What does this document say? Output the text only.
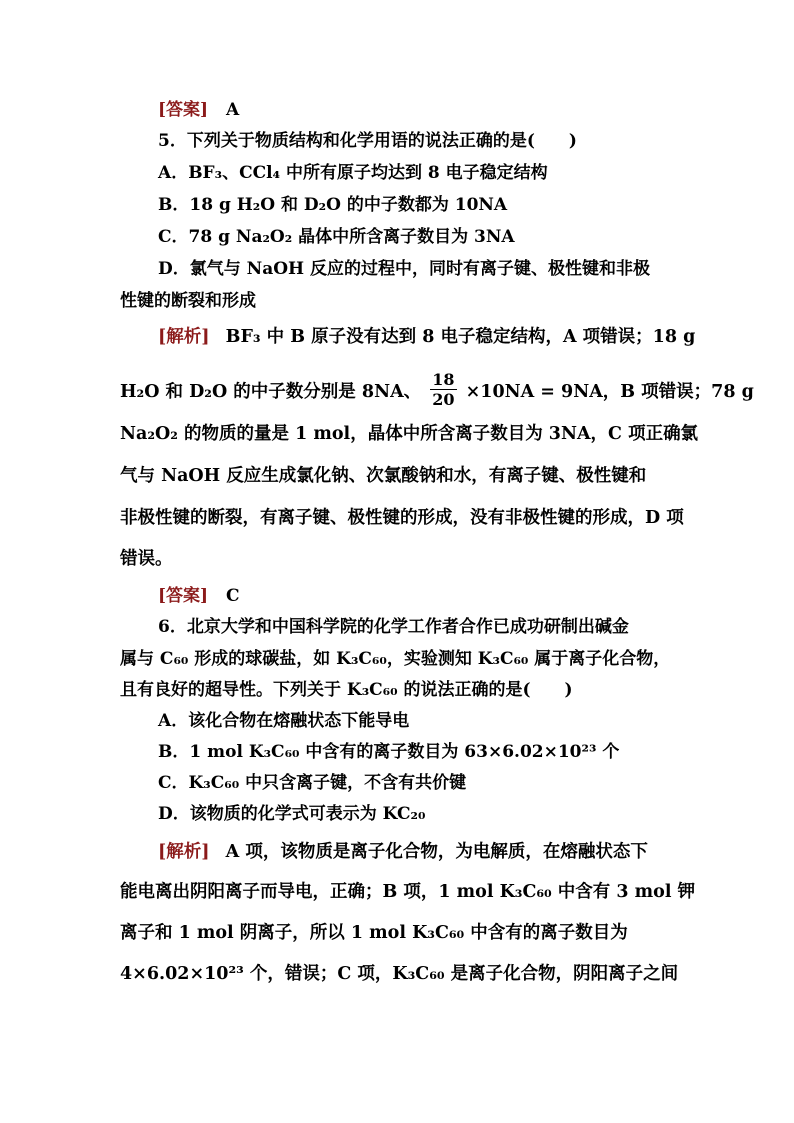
[答案] A
5．下列关于物质结构和化学用语的说法正确的是(　　)
A．BF₃、CCl₄ 中所有原子均达到 8 电子稳定结构
B．18 g H₂O 和 D₂O 的中子数都为 10NA
C．78 g Na₂O₂ 晶体中所含离子数目为 3NA
D．氯气与 NaOH 反应的过程中，同时有离子键、极性键和非极
性键的断裂和形成
[解析] BF₃ 中 B 原子没有达到 8 电子稳定结构，A 项错误；18 g
H₂O 和 D₂O 的中子数分别是 8NA、 $\frac{18}{20} \times 10NA = 9NA$，B 项错误；78 g
Na₂O₂ 的物质的量是 1 mol，晶体中所含离子数目为 3NA，C 项正确氯
气与 NaOH 反应生成氯化钠、次氯酸钠和水，有离子键、极性键和
非极性键的断裂，有离子键、极性键的形成，没有非极性键的形成，D 项
错误。
[答案] C
6．北京大学和中国科学院的化学工作者合作已成功研制出碱金
属与 C₆₀ 形成的球碳盐，如 K₃C₆₀，实验测知 K₃C₆₀ 属于离子化合物，
且有良好的超导性。下列关于 K₃C₆₀ 的说法正确的是(　　)
A．该化合物在熔融状态下能导电
B．1 mol K₃C₆₀ 中含有的离子数目为 63×6.02×10²³ 个
C．K₃C₆₀ 中只含离子键，不含有共价键
D．该物质的化学式可表示为 KC₂₀
[解析] A 项，该物质是离子化合物，为电解质，在熔融状态下
能电离出阴阳离子而导电，正确；B 项，1 mol K₃C₆₀ 中含有 3 mol 钾
离子和 1 mol 阴离子，所以 1 mol K₃C₆₀ 中含有的离子数目为
4×6.02×10²³ 个，错误；C 项，K₃C₆₀ 是离子化合物，阴阳离子之间
